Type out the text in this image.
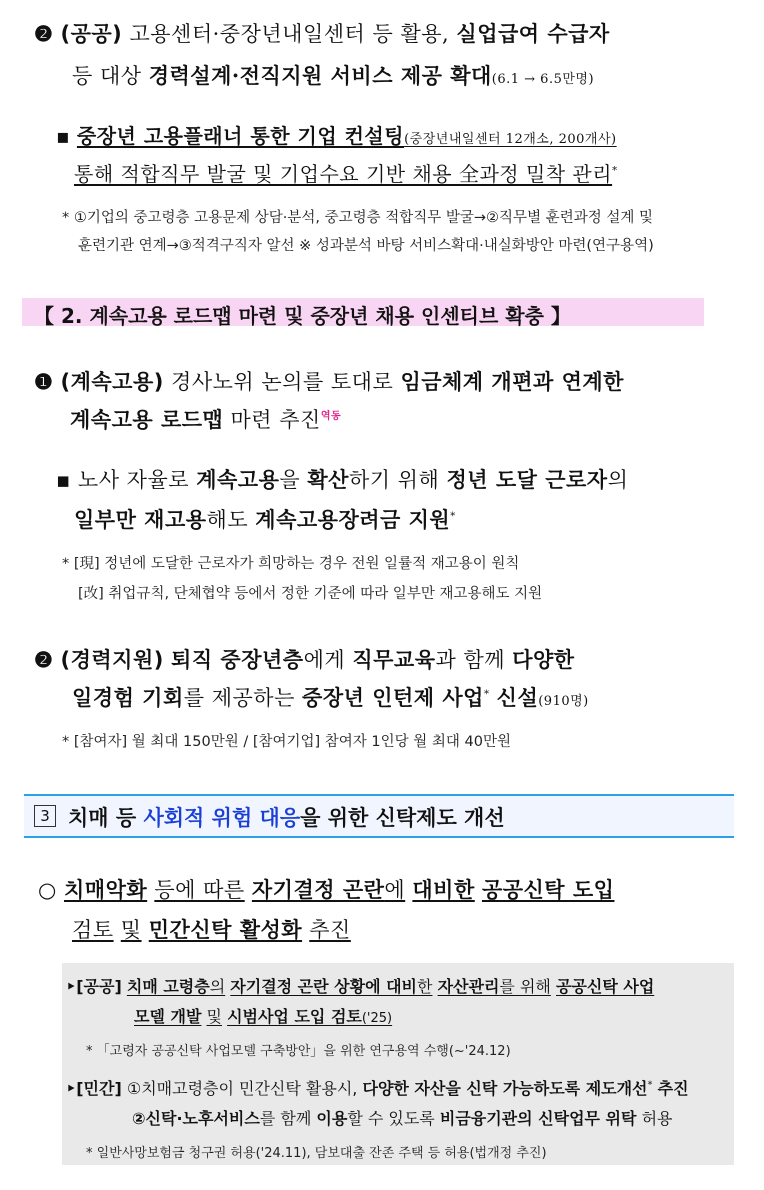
❷ (공공) 고용센터·중장년내일센터 등 활용, 실업급여 수급자
등 대상 경력설계·전직지원 서비스 제공 확대(6.1 → 6.5만명)
▪ 중장년 고용플래너 통한 기업 컨설팅(중장년내일센터 12개소, 200개사)
통해 적합직무 발굴 및 기업수요 기반 채용 全과정 밀착 관리*
* ①기업의 중고령층 고용문제 상담·분석, 중고령층 적합직무 발굴→②직무별 훈련과정 설계 및
훈련기관 연계→③적격구직자 알선 ※ 성과분석 바탕 서비스확대·내실화방안 마련(연구용역)
【 2. 계속고용 로드맵 마련 및 중장년 채용 인센티브 확충 】
❶ (계속고용) 경사노위 논의를 토대로 임금체계 개편과 연계한
계속고용 로드맵 마련 추진$^{역동}$
▪ 노사 자율로 계속고용을 확산하기 위해 정년 도달 근로자의
일부만 재고용해도 계속고용장려금 지원*
* [現] 정년에 도달한 근로자가 희망하는 경우 전원 일률적 재고용이 원칙
[改] 취업규칙, 단체협약 등에서 정한 기준에 따라 일부만 재고용해도 지원
❷ (경력지원) 퇴직 중장년층에게 직무교육과 함께 다양한
일경험 기회를 제공하는 중장년 인턴제 사업* 신설(910명)
* [참여자] 월 최대 150만원 / [참여기업] 참여자 1인당 월 최대 40만원
3 치매 등 사회적 위험 대응을 위한 신탁제도 개선
○ 치매악화 등에 따른 자기결정 곤란에 대비한 공공신탁 도입
검토 및 민간신탁 활성화 추진
‣[공공] 치매 고령층의 자기결정 곤란 상황에 대비한 자산관리를 위해 공공신탁 사업
모델 개발 및 시범사업 도입 검토('25)
* 「고령자 공공신탁 사업모델 구축방안」을 위한 연구용역 수행(~'24.12)
‣[민간] ①치매고령층이 민간신탁 활용시, 다양한 자산을 신탁 가능하도록 제도개선* 추진
②신탁·노후서비스를 함께 이용할 수 있도록 비금융기관의 신탁업무 위탁 허용
* 일반사망보험금 청구권 허용('24.11), 담보대출 잔존 주택 등 허용(법개정 추진)
